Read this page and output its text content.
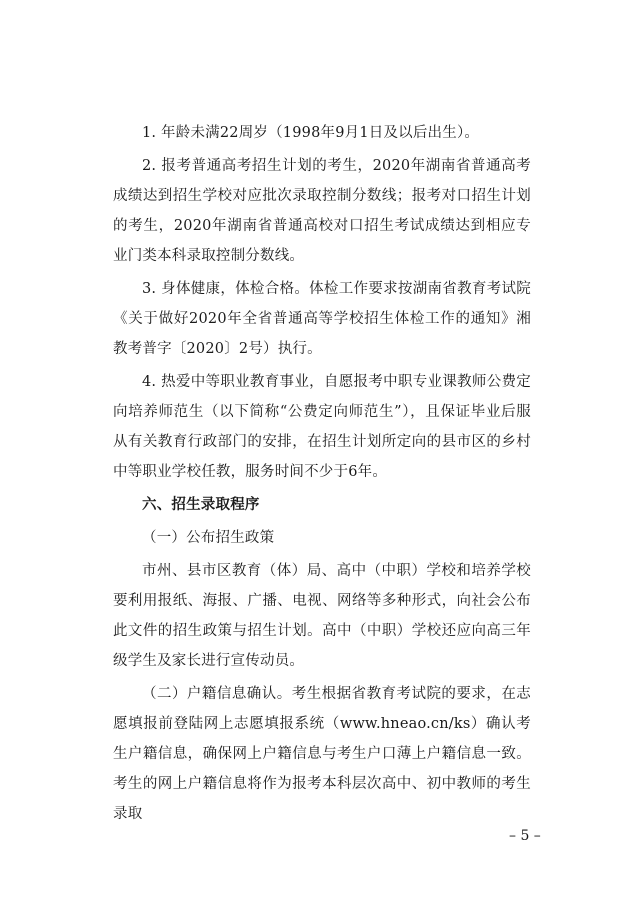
1. 年龄未满22周岁（1998年9月1日及以后出生）。

2. 报考普通高考招生计划的考生，2020年湖南省普通高考成绩达到招生学校对应批次录取控制分数线；报考对口招生计划的考生，2020年湖南省普通高校对口招生考试成绩达到相应专业门类本科录取控制分数线。

3. 身体健康，体检合格。体检工作要求按湖南省教育考试院《关于做好2020年全省普通高等学校招生体检工作的通知》湘教考普字〔2020〕2号）执行。

4. 热爱中等职业教育事业，自愿报考中职专业课教师公费定向培养师范生（以下简称“公费定向师范生”），且保证毕业后服从有关教育行政部门的安排，在招生计划所定向的县市区的乡村中等职业学校任教，服务时间不少于6年。

六、招生录取程序

（一）公布招生政策

市州、县市区教育（体）局、高中（中职）学校和培养学校要利用报纸、海报、广播、电视、网络等多种形式，向社会公布此文件的招生政策与招生计划。高中（中职）学校还应向高三年级学生及家长进行宣传动员。

（二）户籍信息确认。考生根据省教育考试院的要求，在志愿填报前登陆网上志愿填报系统（www.hneao.cn/ks）确认考生户籍信息，确保网上户籍信息与考生户口薄上户籍信息一致。考生的网上户籍信息将作为报考本科层次高中、初中教师的考生录取

– 5 –
